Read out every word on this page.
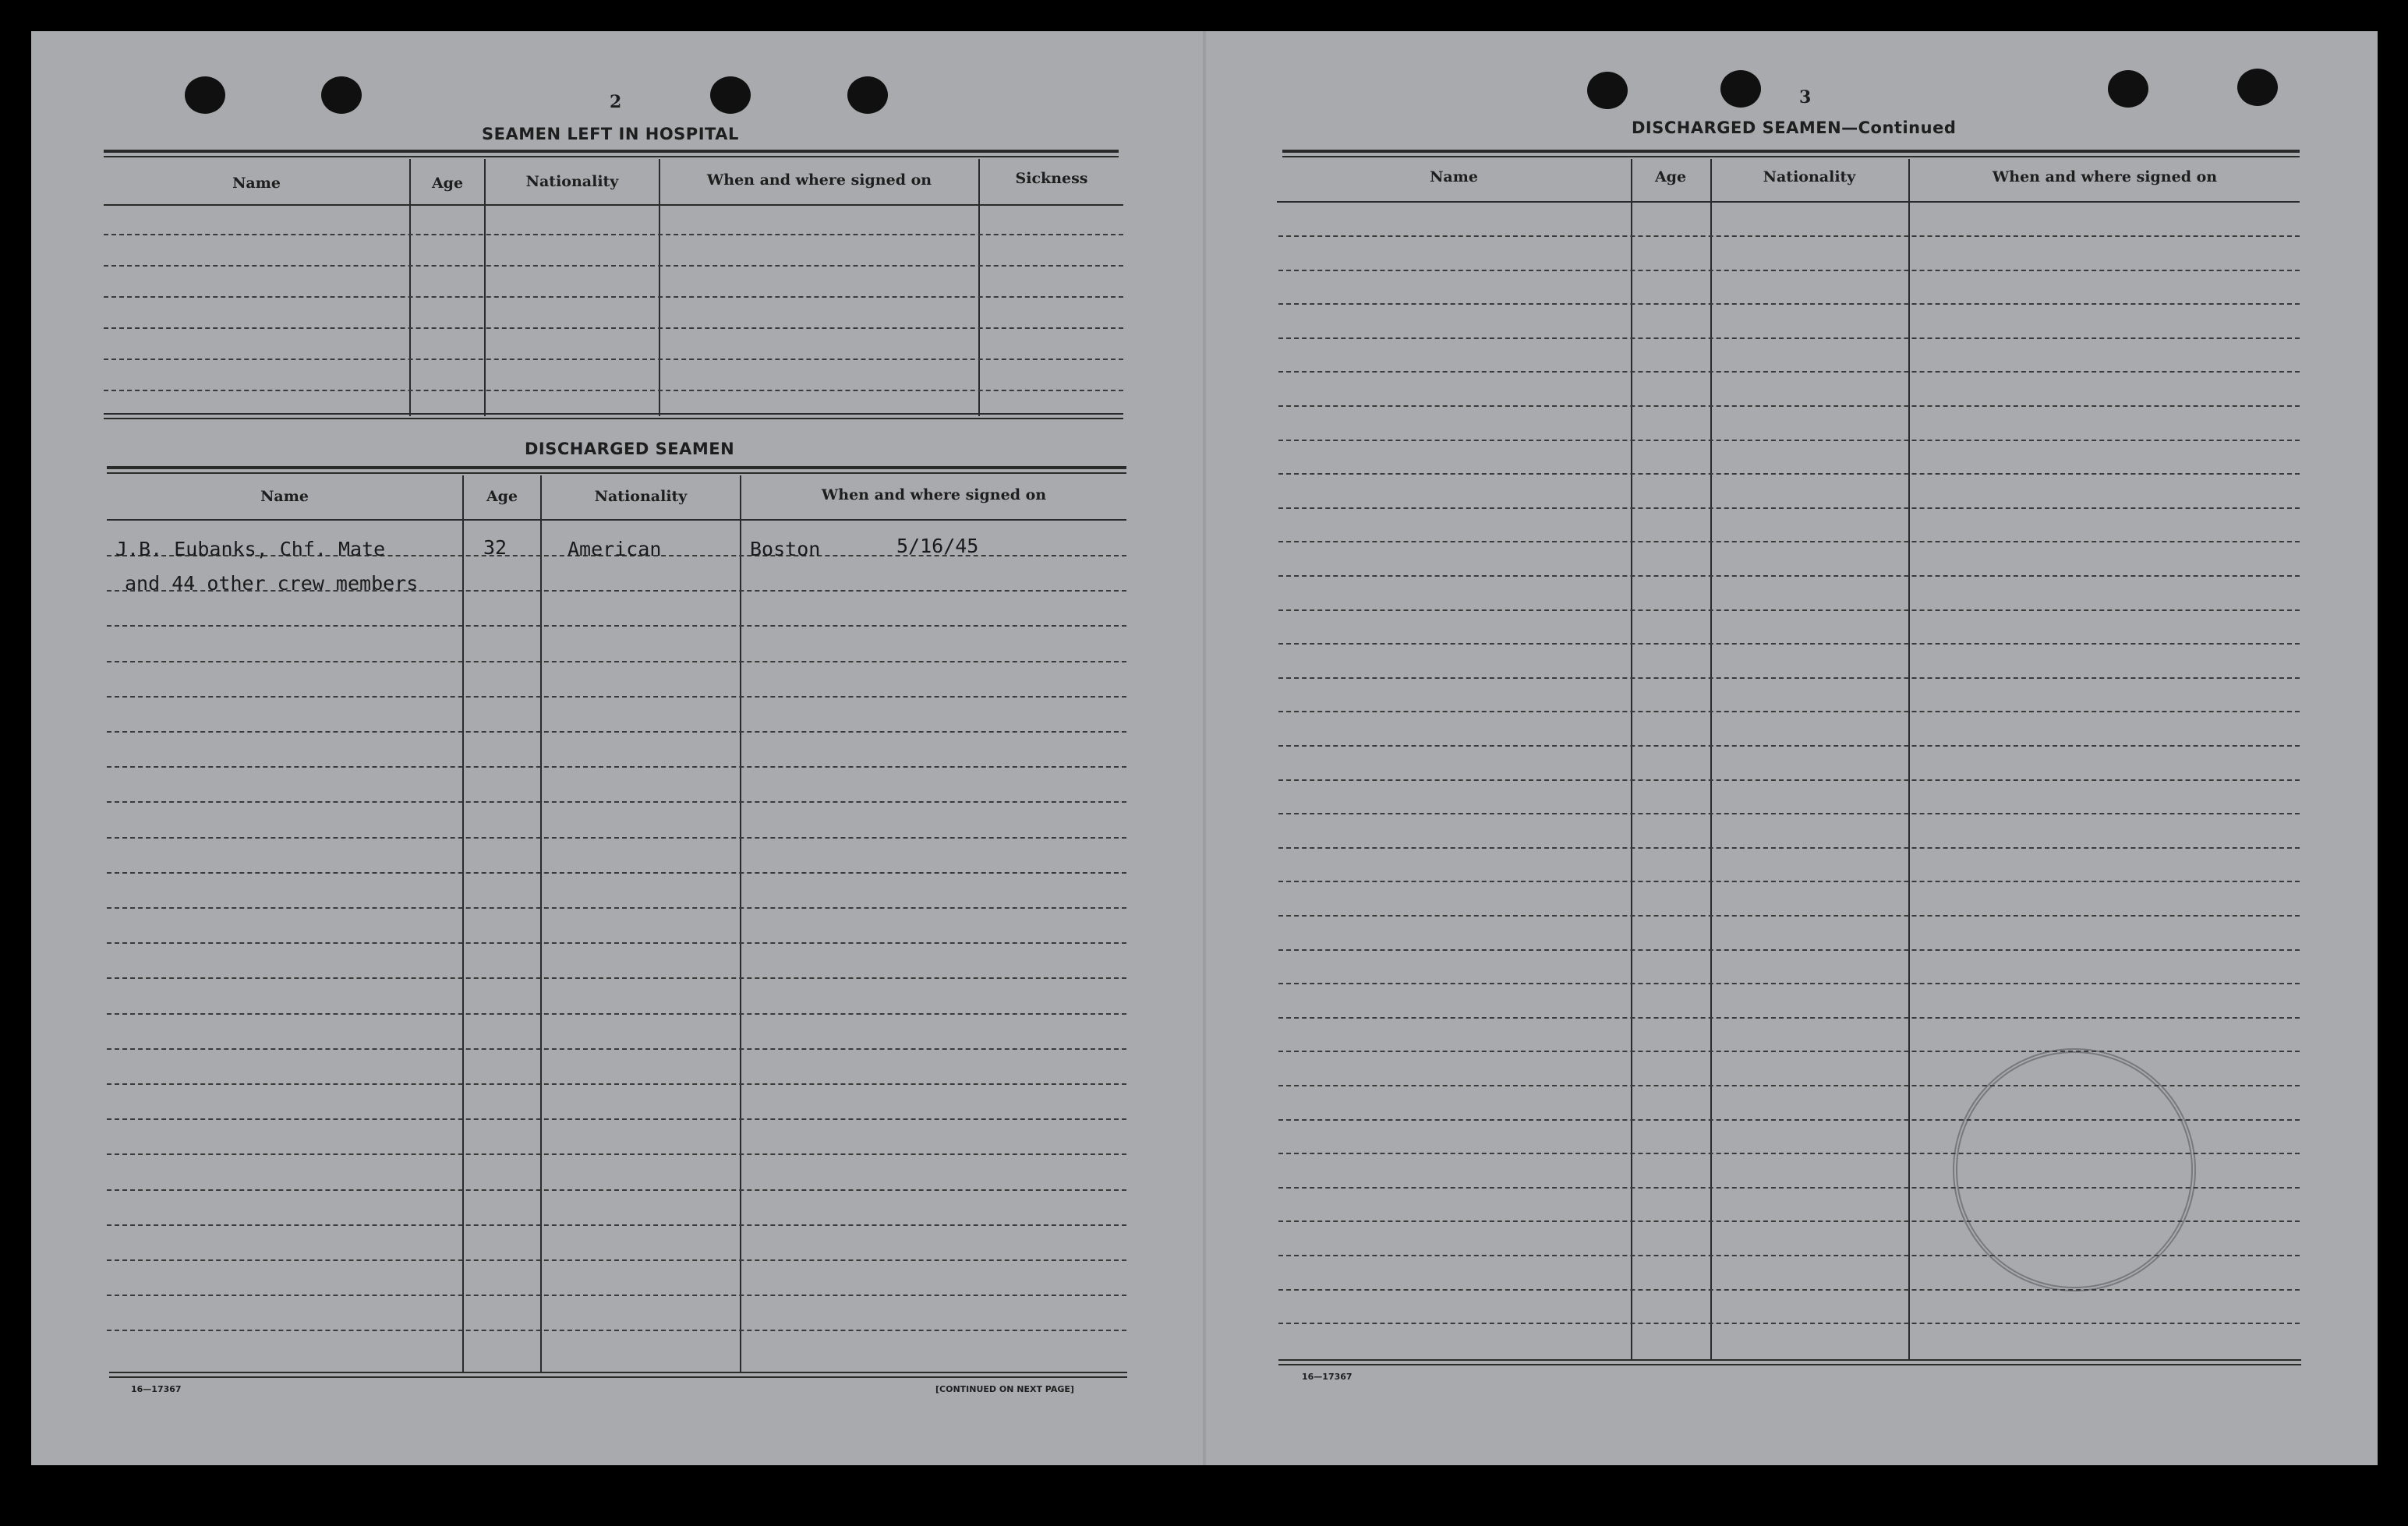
2
SEAMEN LEFT IN HOSPITAL
Name	Age	Nationality	When and where signed on	Sickness
DISCHARGED SEAMEN
Name	Age	Nationality	When and where signed on
J.B. Eubanks, Chf. Mate	32	American	Boston	5/16/45
and 44 other crew members
16—17367	[CONTINUED ON NEXT PAGE]
3
DISCHARGED SEAMEN—Continued
Name	Age	Nationality	When and where signed on
16—17367
